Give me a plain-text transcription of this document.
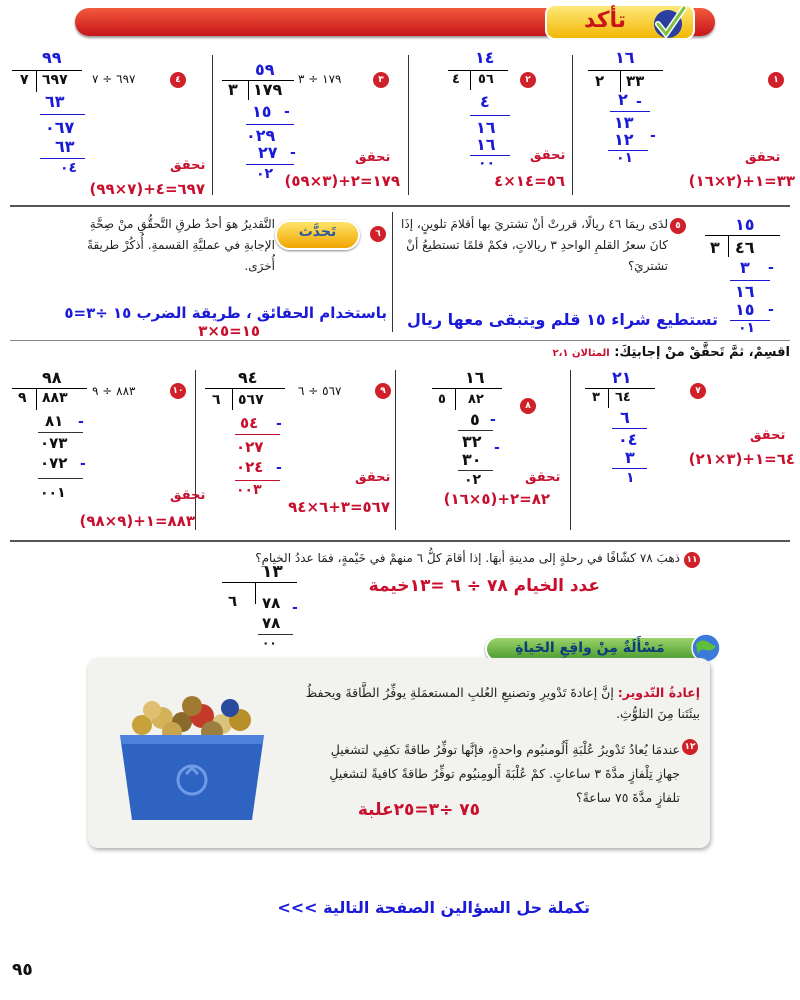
تأكد
١
١٦
٢ ٣٣
٢ -
١٣
١٢ -
٠١	تحقق
٣٣=١+(٢×١٦)
٢
١٤
٤ ٥٦
٤
١٦
١٦
٠٠	تحقق
٥٦=١٤×٤
٣
١٧٩ ÷ ٣
٥٩
٣ ١٧٩
١٥ -
٠٢٩
٢٧ -
٠٢
تحقق
١٧٩=٢+(٣×٥٩)
٤
٦٩٧ ÷ ٧
٩٩
٧ ٦٩٧
٦٣
٠٦٧
٦٣
٠٤	تحقق
٦٩٧=٤+(٧×٩٩)
٥
لدَى ريمَا ٤٦ ريالًا، قررتْ أنْ تشتريَ بها أقلامَ تلوينٍ، إذَا كانَ سعرُ القلمِ الواحدِ ٣ ريالاتٍ، فكمْ قلمًا تستطيعُ أنْ تشتريَ؟
١٥
٣ ٤٦
٣ -
١٦
١٥ -
٠١
تستطيع شراء ١٥ قلم ويتبقى معها ريال
٦
تَحدَّث
التَّقديرُ هوَ أحدُ طرقِ التَّحقُّقِ منْ صِحَّةِ الإجابةِ في عمليَّةِ القسمةِ. أُذكُرْ طريقةً أُخرَى.
باستخدام الحقائق ، طريقة الضرب ١٥ ÷٣=٥
١٥=٥×٣
اقسِمْ، ثمَّ تَحقَّقْ منْ إجابتِكَ: المثالان ٢،١
٧
٢١
٣ ٦٤
٦
٠٤
٣
١
تحقق
٦٤=١+(٣×٢١)
٨
١٦
٥ ٨٢
٥ -
٣٢
٣٠
-
٠٢	تحقق
٨٢=٢+(٥×١٦)
٩
٥٦٧ ÷ ٦
٩٤
٦ ٥٦٧
٥٤ -
٠٢٧
٠٢٤ -
٠٠٣
تحقق
٥٦٧=٣+٦×٩٤
١٠
٨٨٣ ÷ ٩
٩٨
٩ ٨٨٣
٨١ -
٠٧٣
٠٧٢ -
٠٠١	تحقق
٨٨٣=١+(٩×٩٨)
١١
ذهبَ ٧٨ كشّافًا في رحلةٍ إلى مدينةِ أبهَا. إذا أقامَ كلُّ ٦ منهمْ في خَيْمةٍ، فمَا عددُ الخيامِ؟
١٣
٦ ٧٨
٧٨
-
٠٠
عدد الخيام ٧٨ ÷ ٦ =١٣خيمة
مَسْأَلَةٌ مِنْ واقِعِ الحَياةِ
إعادةُ التّدوير: إنَّ إعادةَ تَدْويرِ وتصنيعِ العُلبِ المستعمَلةِ يوفِّرُ الطَّاقةَ ويحفظُ بيئَتَنا مِنَ التلوُّثِ.
١٢
عندمَا يُعادُ تَدْويرُ عُلْبَةِ أَلُومنيُوم واحدةٍ، فإنَّها توفِّرُ طاقةً تكفِي لتشغيلِ جهازِ تِلْفازٍ مدَّةَ ٣ ساعاتٍ. كمْ عُلْبَةَ أَلومِنيُوم توفِّرُ طاقةً كافيةً لتشغيلِ تلفازٍ مدَّةَ ٧٥ ساعةً؟
٧٥ ÷٣=٢٥علبة
تكملة حل السؤالين الصفحة التالية >>>
٩٥
